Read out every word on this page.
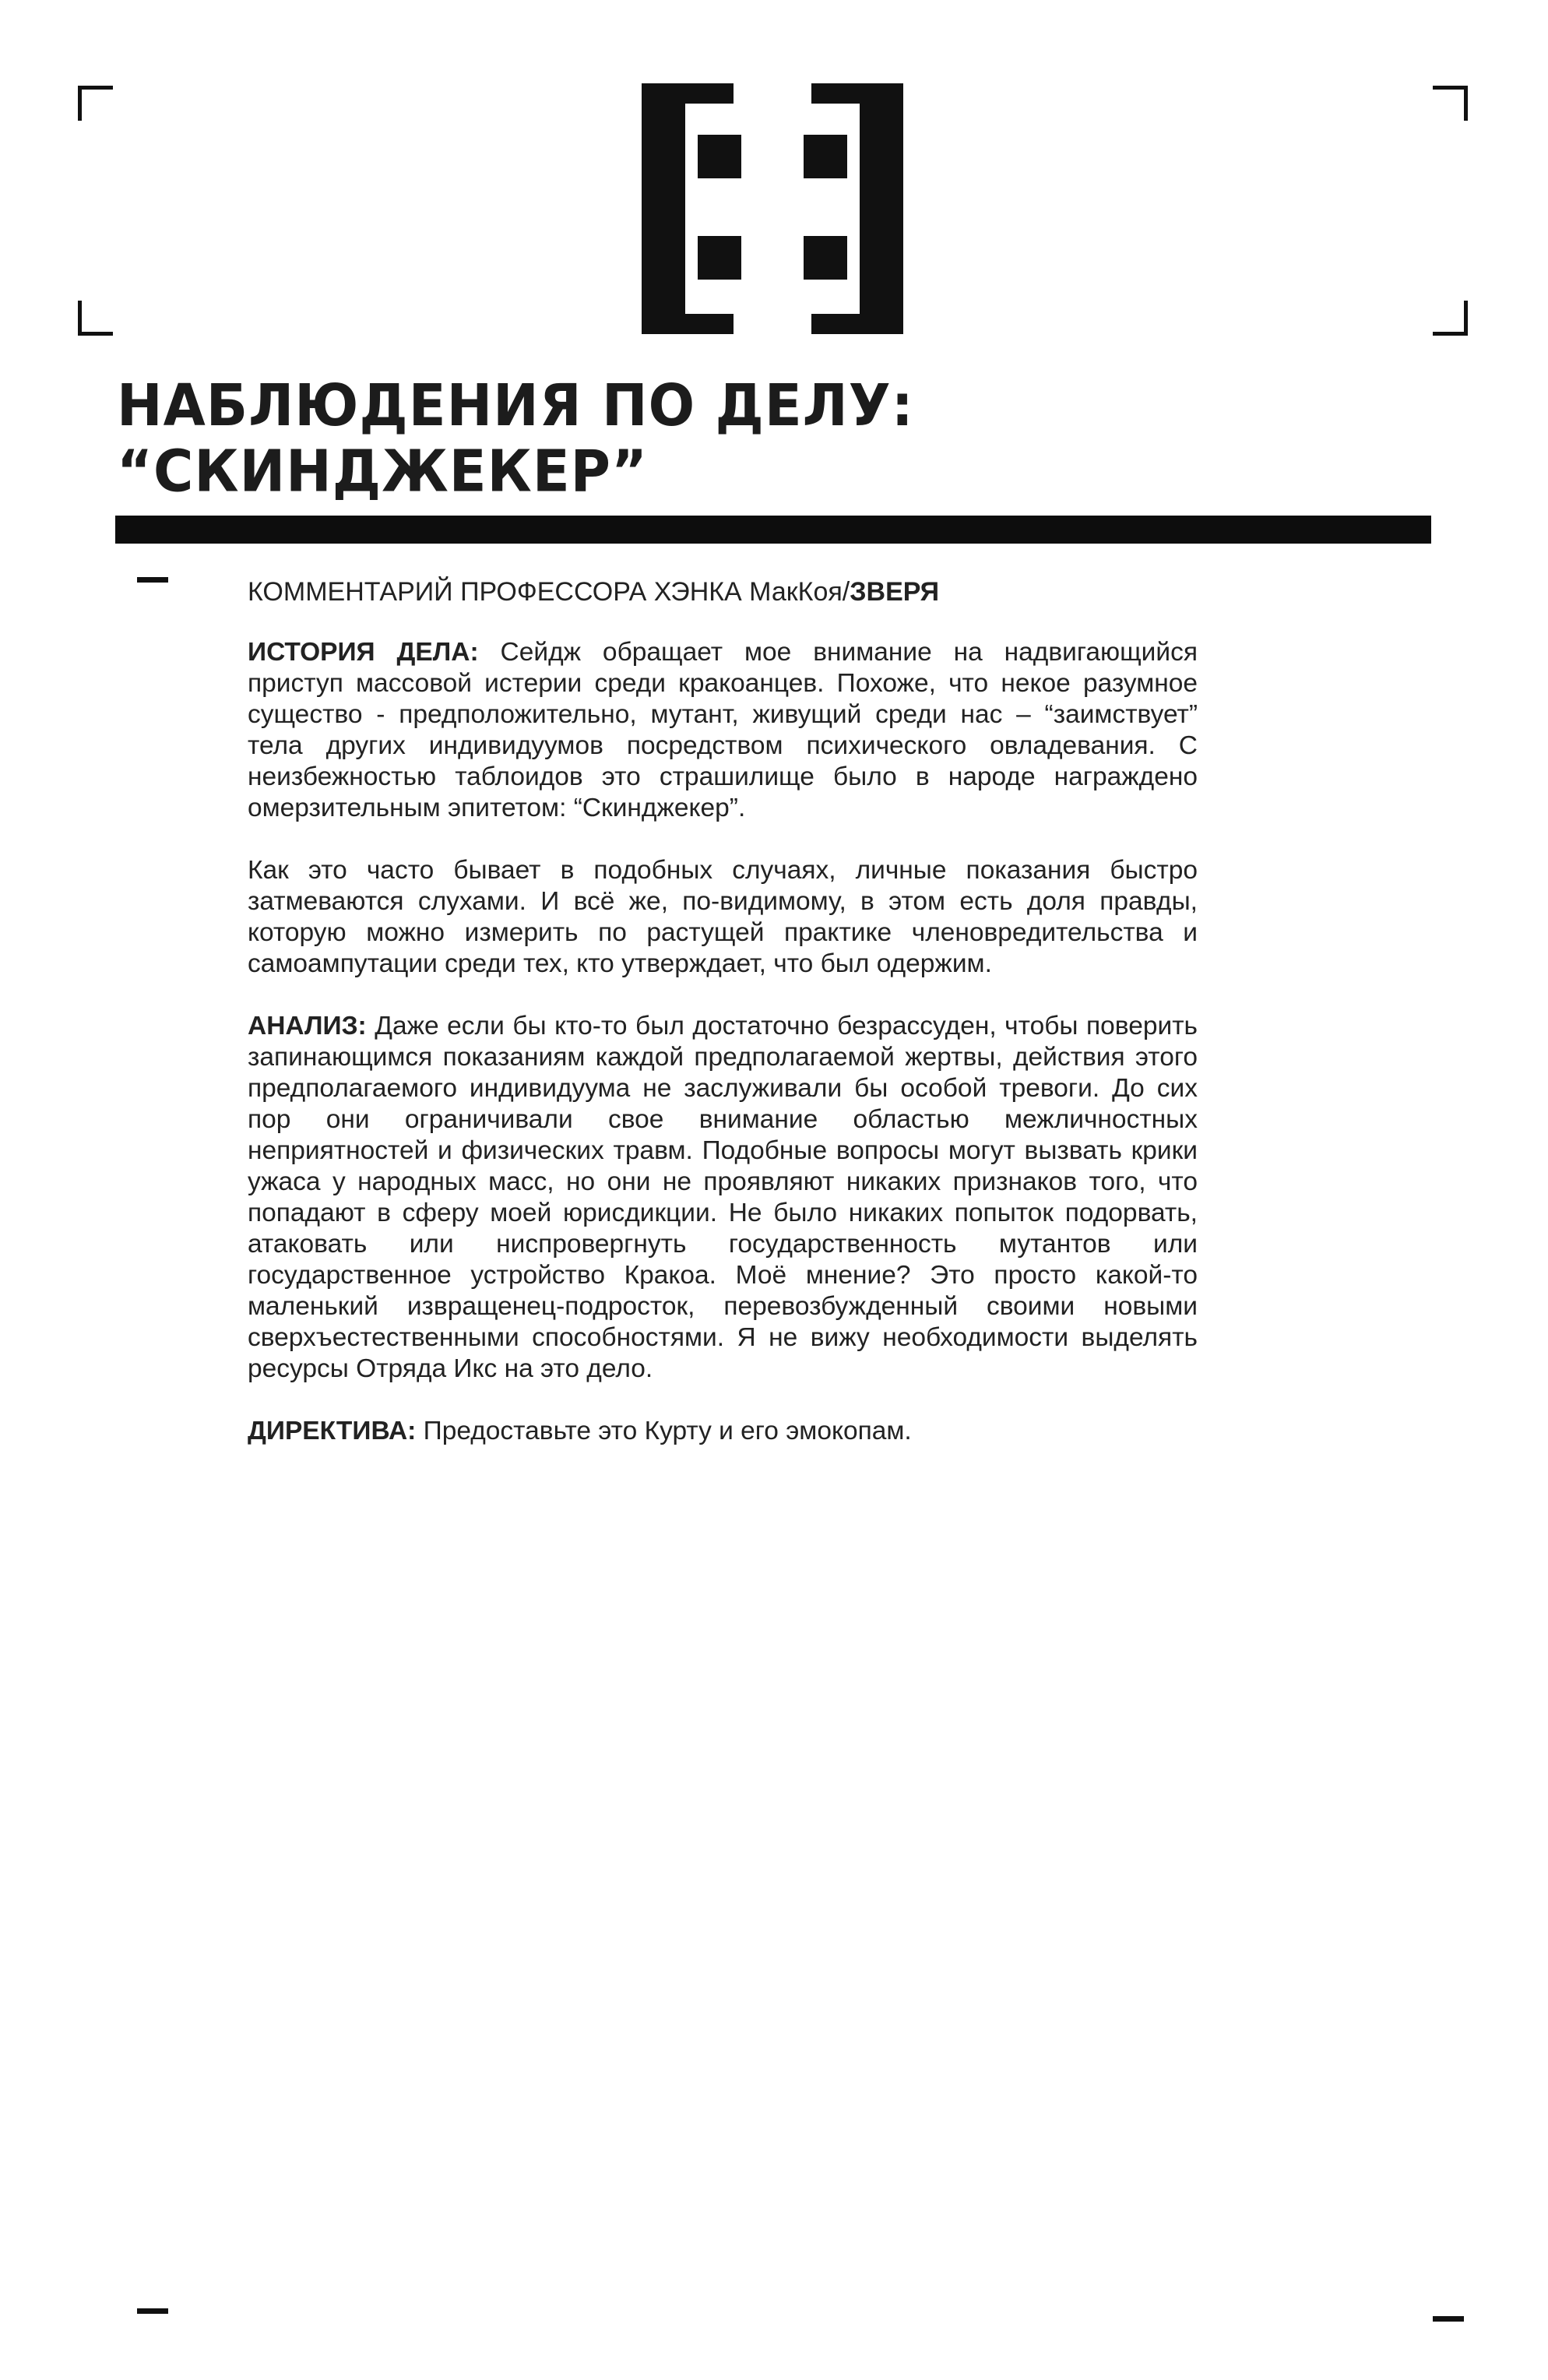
НАБЛЮДЕНИЯ ПО ДЕЛУ:
“СКИНДЖЕКЕР”
КОММЕНТАРИЙ ПРОФЕССОРА ХЭНКА МакКоя/ЗВЕРЯ

ИСТОРИЯ ДЕЛА: Сейдж обращает мое внимание на надвигающийся приступ массовой истерии среди кракоанцев. Похоже, что некое разумное существо - предположительно, мутант, живущий среди нас – “заимствует” тела других индивидуумов посредством психического овладевания. С неизбежностью таблоидов это страшилище было в народе награждено омерзительным эпитетом: “Скинджекер”.

Как это часто бывает в подобных случаях, личные показания быстро затмеваются слухами. И всё же, по-видимому, в этом есть доля правды, которую можно измерить по растущей практике членовредительства и самоампутации среди тех, кто утверждает, что был одержим.

АНАЛИЗ: Даже если бы кто-то был достаточно безрассуден, чтобы поверить запинающимся показаниям каждой предполагаемой жертвы, действия этого предполагаемого индивидуума не заслуживали бы особой тревоги. До сих пор они ограничивали свое внимание областью межличностных неприятностей и физических травм. Подобные вопросы могут вызвать крики ужаса у народных масс, но они не проявляют никаких признаков того, что попадают в сферу моей юрисдикции. Не было никаких попыток подорвать, атаковать или ниспровергнуть государственность мутантов или государственное устройство Кракоа. Моё мнение? Это просто какой-то маленький извращенец-подросток, перевозбужденный своими новыми сверхъестественными способностями. Я не вижу необходимости выделять ресурсы Отряда Икс на это дело.

ДИРЕКТИВА: Предоставьте это Курту и его эмокопам.
